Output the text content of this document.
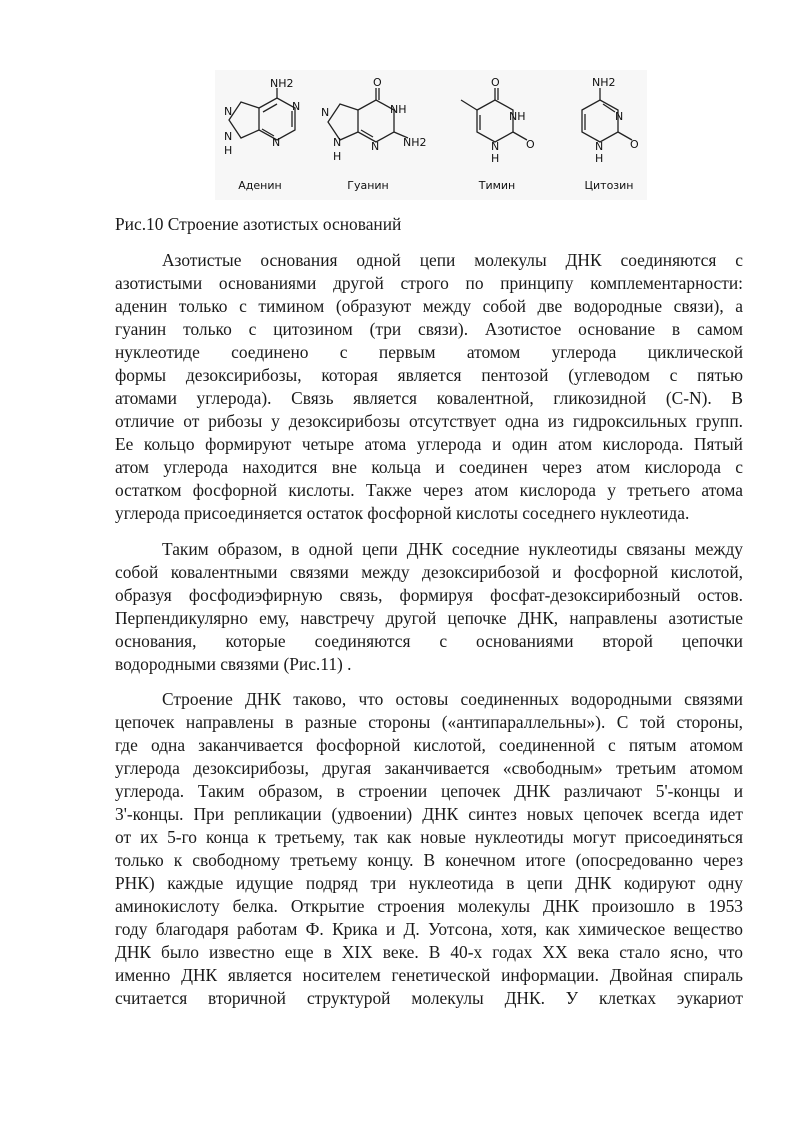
NH2
N
N
N
N
H
O
NH
NH2
N
N
N
H
O
NH
N O
H
NH2
N
N O
H
Аденин	Гуанин	Тимин	Цитозин
Рис.10 Строение азотистых оснований
Азотистые основания одной цепи молекулы ДНК соединяются с
азотистыми основаниями другой строго по принципу комплементарности:
аденин только с тимином (образуют между собой две водородные связи), а
гуанин только с цитозином (три связи). Азотистое основание в самом
нуклеотиде соединено с первым атомом углерода циклической
формы дезоксирибозы, которая является пентозой (углеводом с пятью
атомами углерода). Связь является ковалентной, гликозидной (C-N). В
отличие от рибозы у дезоксирибозы отсутствует одна из гидроксильных групп.
Ее кольцо формируют четыре атома углерода и один атом кислорода. Пятый
атом углерода находится вне кольца и соединен через атом кислорода с
остатком фосфорной кислоты. Также через атом кислорода у третьего атома
углерода присоединяется остаток фосфорной кислоты соседнего нуклеотида.
Таким образом, в одной цепи ДНК соседние нуклеотиды связаны между
собой ковалентными связями между дезоксирибозой и фосфорной кислотой,
образуя фосфодиэфирную связь, формируя фосфат-дезоксирибозный остов.
Перпендикулярно ему, навстречу другой цепочке ДНК, направлены азотистые
основания, которые соединяются с основаниями второй цепочки
водородными связями (Рис.11) .
Строение ДНК таково, что остовы соединенных водородными связями
цепочек направлены в разные стороны («антипараллельны»). С той стороны,
где одна заканчивается фосфорной кислотой, соединенной с пятым атомом
углерода дезоксирибозы, другая заканчивается «свободным» третьим атомом
углерода. Таким образом, в строении цепочек ДНК различают 5'-концы и
3'-концы. При репликации (удвоении) ДНК синтез новых цепочек всегда идет
от их 5-го конца к третьему, так как новые нуклеотиды могут присоединяться
только к свободному третьему концу. В конечном итоге (опосредованно через
РНК) каждые идущие подряд три нуклеотида в цепи ДНК кодируют одну
аминокислоту белка. Открытие строения молекулы ДНК произошло в 1953
году благодаря работам Ф. Крика и Д. Уотсона, хотя, как химическое вещество
ДНК было известно еще в XIX веке. В 40-х годах XX века стало ясно, что
именно ДНК является носителем генетической информации. Двойная спираль
считается вторичной структурой молекулы ДНК. У клетках эукариот
